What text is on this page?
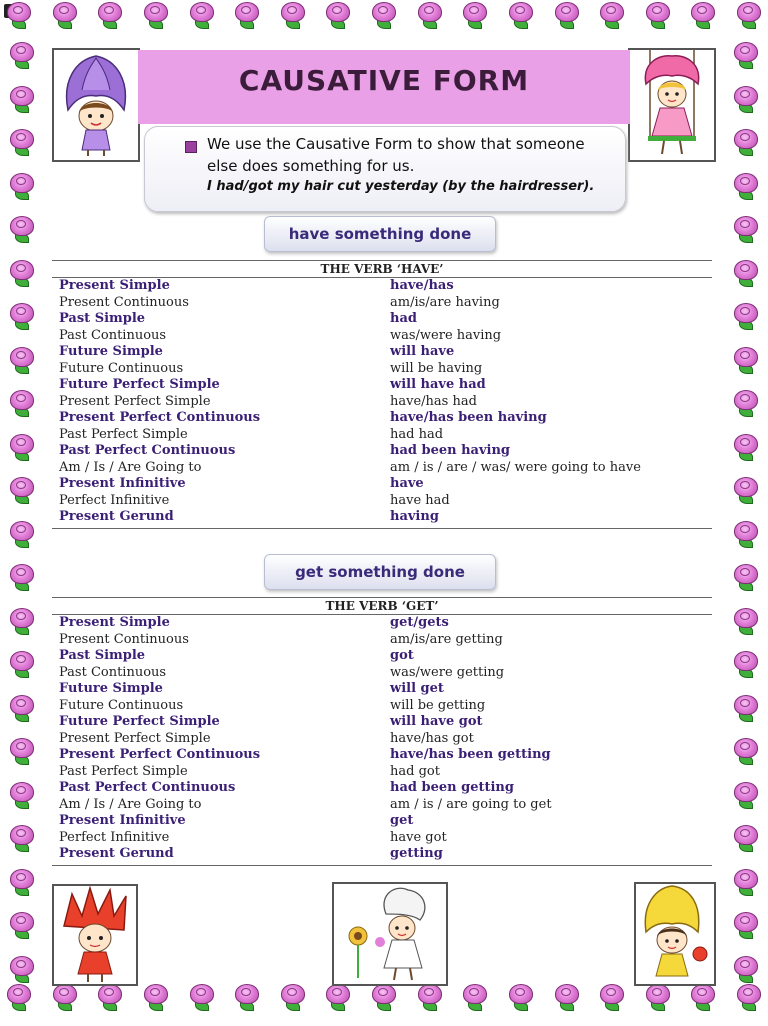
CAUSATIVE FORM
We use the Causative Form to show that someone
else does something for us.
I had/got my hair cut yesterday (by the hairdresser).
have something done
THE VERB ‘HAVE’
Present Simple	have/has
Present Continuous	am/is/are having
Past Simple	had
Past Continuous	was/were having
Future Simple	will have
Future Continuous	will be having
Future Perfect Simple	will have had
Present Perfect Simple	have/has had
Present Perfect Continuous	have/has been having
Past Perfect Simple	had had
Past Perfect Continuous	had been having
Am / Is / Are Going to	am / is / are / was/ were going to have
Present Infinitive	have
Perfect Infinitive	have had
Present Gerund	having
get something done
THE VERB ‘GET’
Present Simple	get/gets
Present Continuous	am/is/are getting
Past Simple	got
Past Continuous	was/were getting
Future Simple	will get
Future Continuous	will be getting
Future Perfect Simple	will have got
Present Perfect Simple	have/has got
Present Perfect Continuous	have/has been getting
Past Perfect Simple	had got
Past Perfect Continuous	had been getting
Am / Is / Are Going to	am / is / are going to get
Present Infinitive	get
Perfect Infinitive	have got
Present Gerund	getting
